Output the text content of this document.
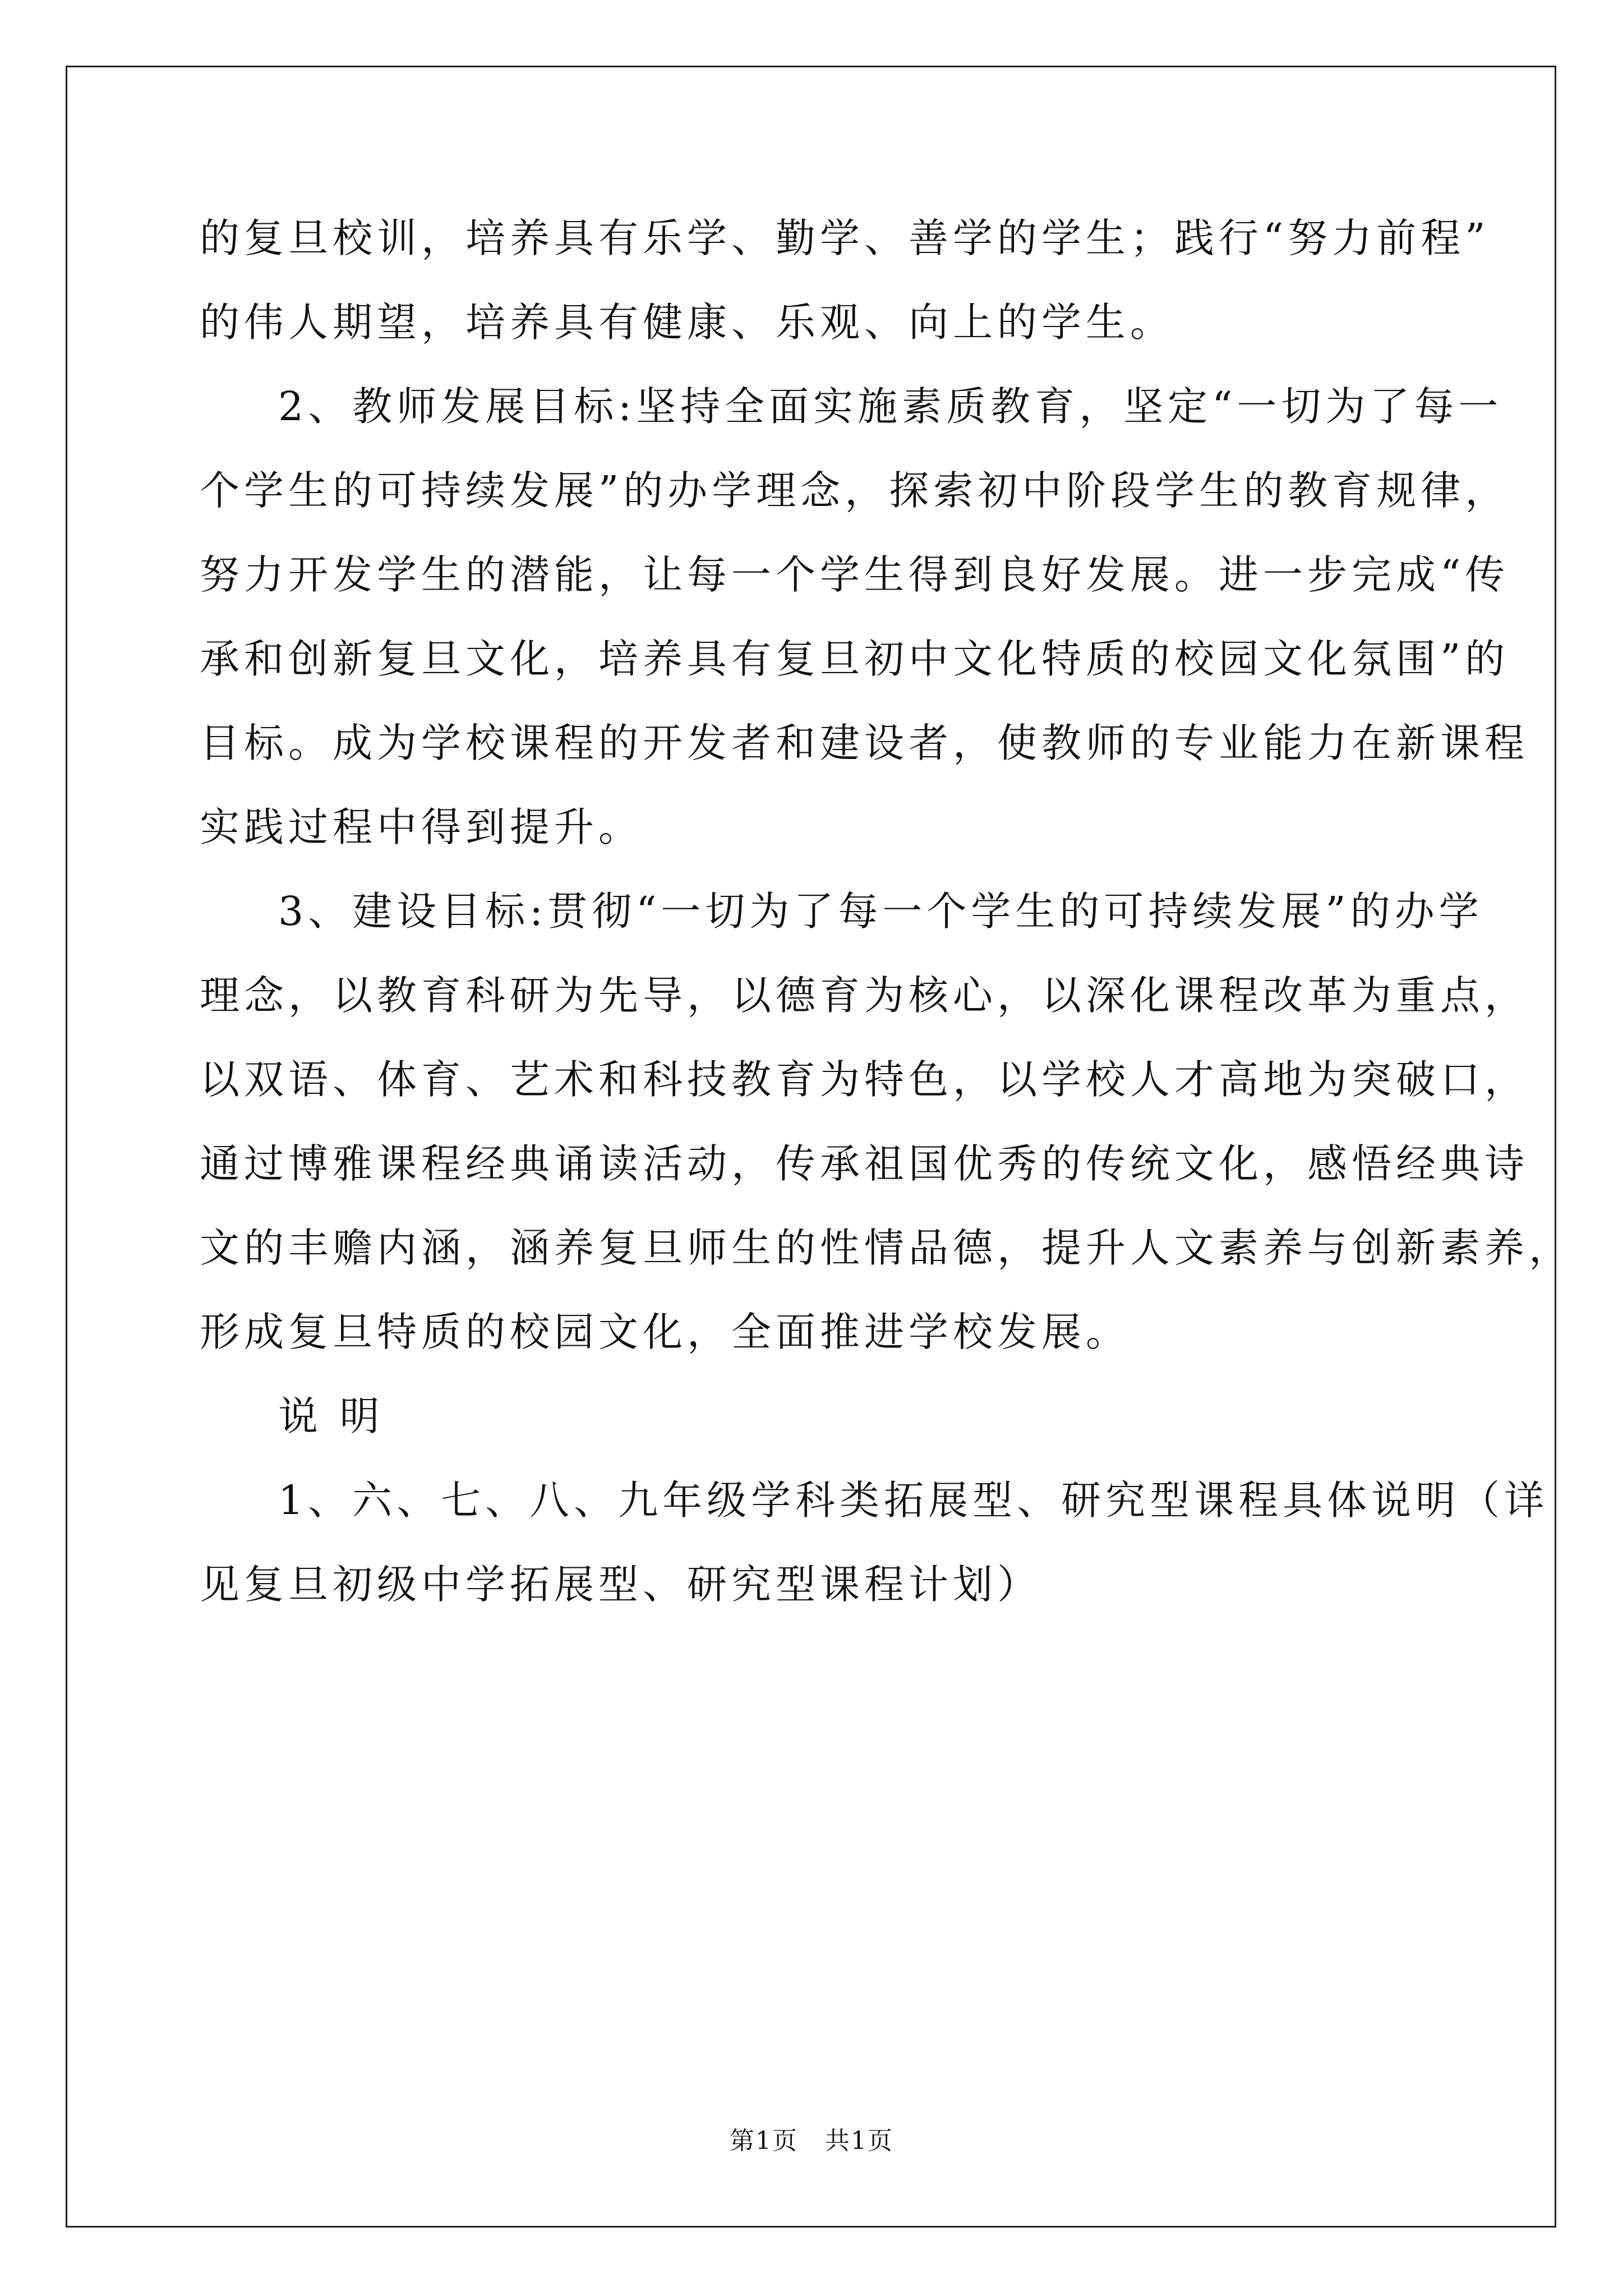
的复旦校训，培养具有乐学、勤学、善学的学生；践行“努力前程”
的伟人期望，培养具有健康、乐观、向上的学生。
2、教师发展目标:坚持全面实施素质教育，坚定“一切为了每一
个学生的可持续发展”的办学理念，探索初中阶段学生的教育规律，
努力开发学生的潜能，让每一个学生得到良好发展。进一步完成“传
承和创新复旦文化，培养具有复旦初中文化特质的校园文化氛围”的
目标。成为学校课程的开发者和建设者，使教师的专业能力在新课程
实践过程中得到提升。
3、建设目标:贯彻“一切为了每一个学生的可持续发展”的办学
理念，以教育科研为先导，以德育为核心，以深化课程改革为重点，
以双语、体育、艺术和科技教育为特色，以学校人才高地为突破口，
通过博雅课程经典诵读活动，传承祖国优秀的传统文化，感悟经典诗
文的丰赡内涵，涵养复旦师生的性情品德，提升人文素养与创新素养，
形成复旦特质的校园文化，全面推进学校发展。
说 明
1、六、七、八、九年级学科类拓展型、研究型课程具体说明（详
见复旦初级中学拓展型、研究型课程计划）
第1页 共1页
